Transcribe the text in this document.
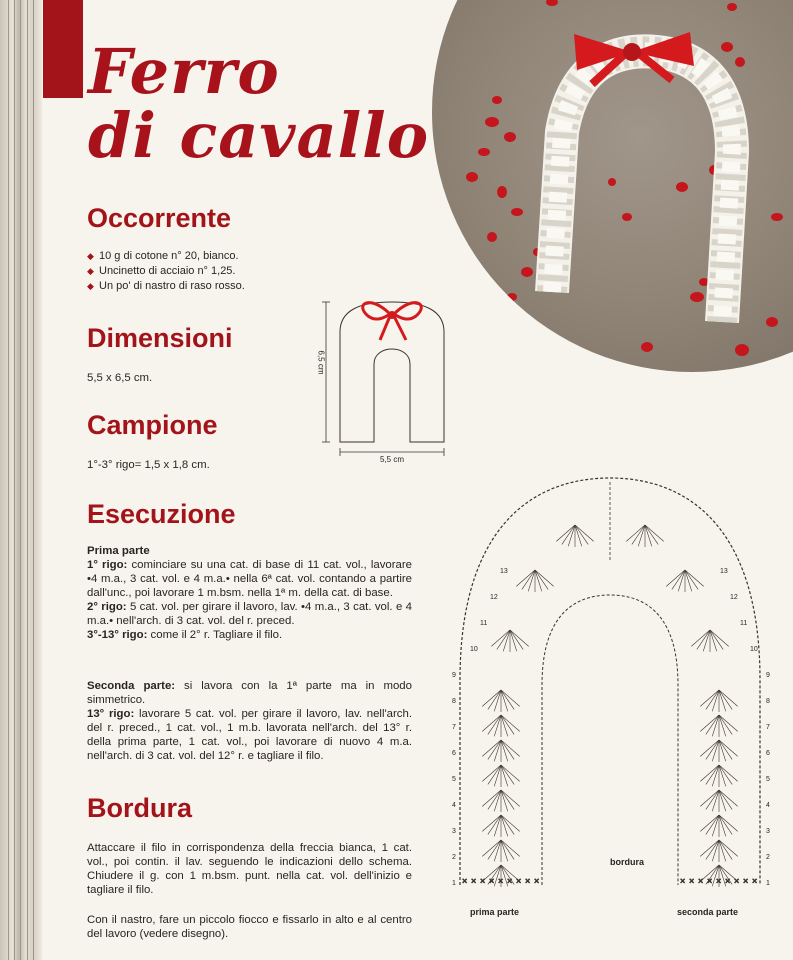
Ferro
di cavallo
Occorrente
◆ 10 g di cotone n° 20, bianco.
◆ Uncinetto di acciaio n° 1,25.
◆ Un po' di nastro di raso rosso.
Dimensioni
5,5 x 6,5 cm.
Campione
1°-3° rigo= 1,5 x 1,8 cm.
6,5 cm
5,5 cm
Esecuzione
Prima parte
1° rigo: cominciare su una cat. di base di 11 cat. vol., lavorare •4 m.a., 3 cat. vol. e 4 m.a.• nella 6ª cat. vol. contando a partire dall'unc., poi lavorare 1 m.bsm. nella 1ª m. della cat. di base.
2° rigo: 5 cat. vol. per girare il lavoro, lav. •4 m.a., 3 cat. vol. e 4 m.a.• nell'arch. di 3 cat. vol. del r. preced.
3°-13° rigo: come il 2° r. Tagliare il filo.
Seconda parte: si lavora con la 1ª parte ma in modo simmetrico.
13° rigo: lavorare 5 cat. vol. per girare il lavoro, lav. nell'arch. del r. preced., 1 cat. vol., 1 m.b. lavorata nell'arch. del 13° r. della prima parte, 1 cat. vol., poi lavorare di nuovo 4 m.a. nell'arch. di 3 cat. vol. del 12° r. e tagliare il filo.
Bordura
Attaccare il filo in corrispondenza della freccia bianca, 1 cat. vol., poi contin. il lav. seguendo le indicazioni dello schema. Chiudere il g. con 1 m.bsm. punt. nella cat. vol. dell'inizio e tagliare il filo.
Con il nastro, fare un piccolo fiocco e fissarlo in alto e al centro del lavoro (vedere disegno).
× × × × × × × × ×	× × × × × × × × ×
bordura
prima parte	seconda parte
1
2
3
4
5
6
7
8
9
10
11
12
13
1
2
3
4
5
6
7
8
9
10
11
12
13
